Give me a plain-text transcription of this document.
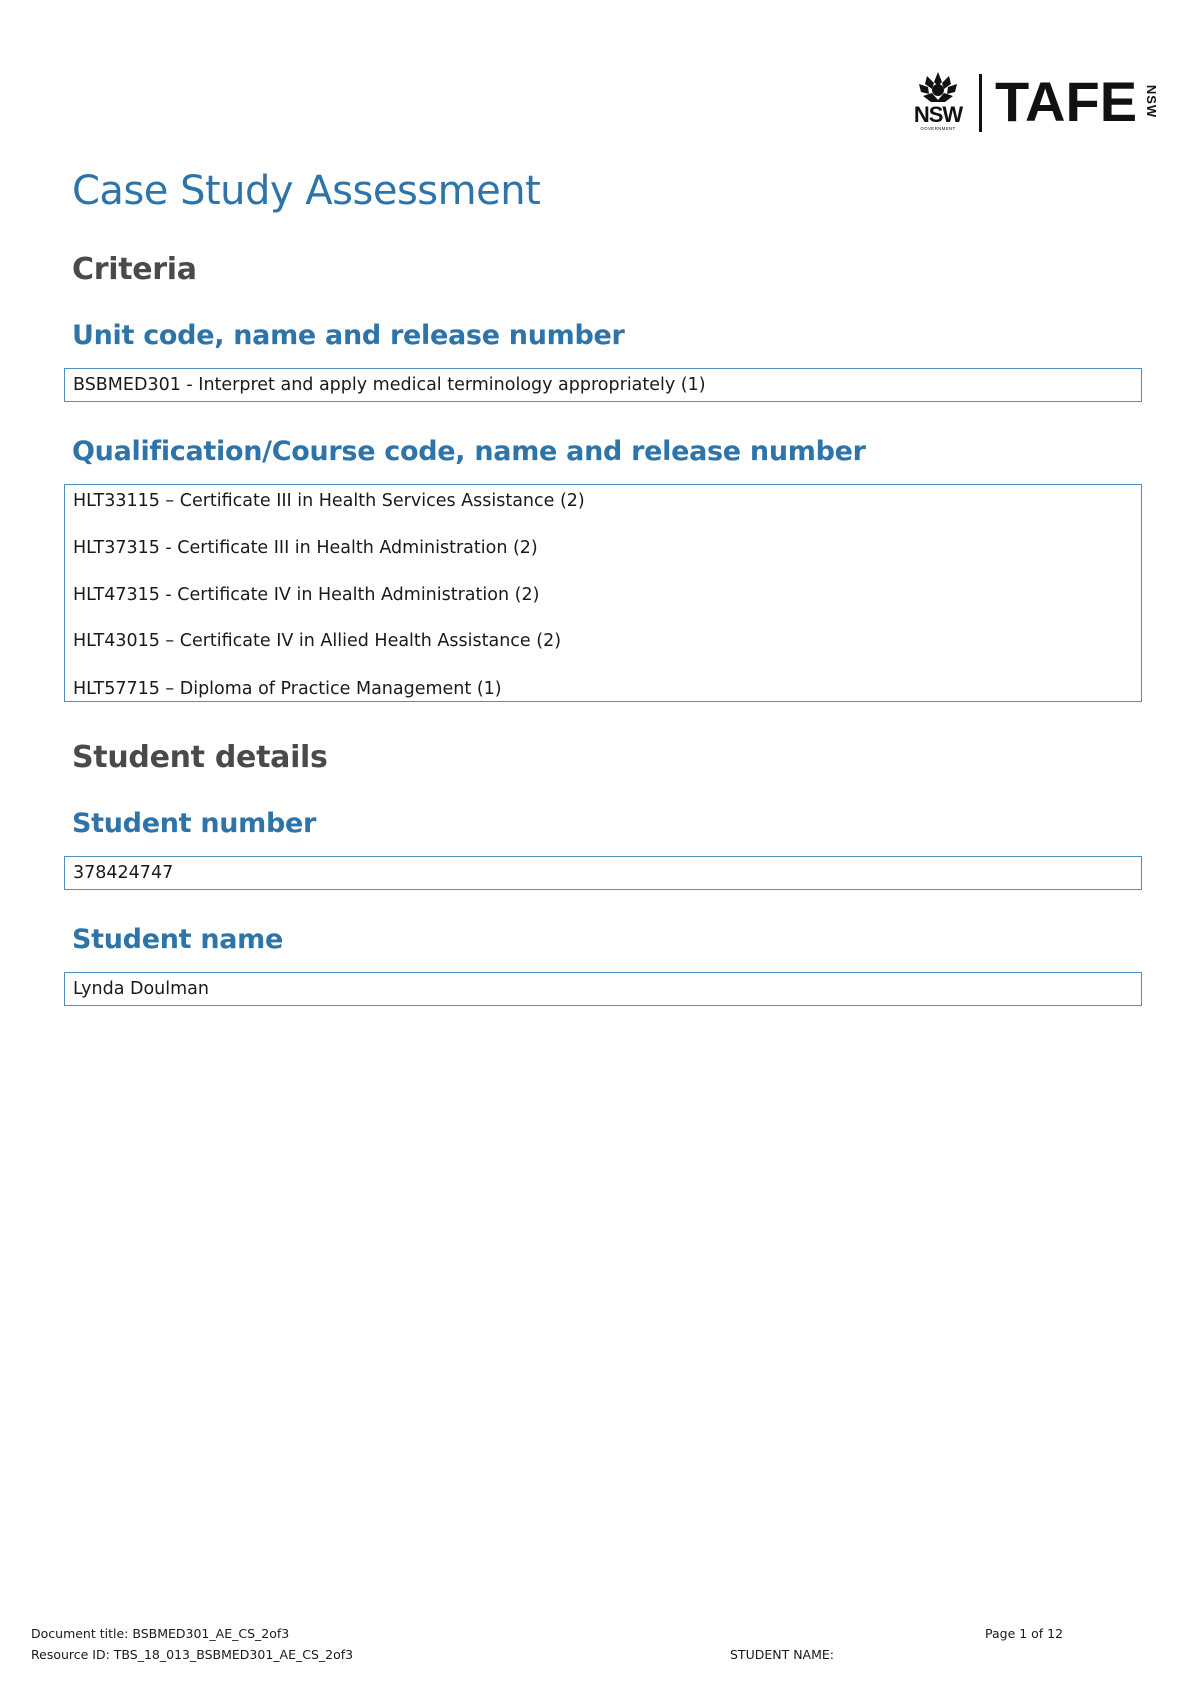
NSW
GOVERNMENT TAFE NSW
Case Study Assessment
Criteria
Unit code, name and release number
BSBMED301 - Interpret and apply medical terminology appropriately (1)
Qualification/Course code, name and release number
HLT33115 – Certificate III in Health Services Assistance (2)
HLT37315 - Certificate III in Health Administration (2)
HLT47315 - Certificate IV in Health Administration (2)
HLT43015 – Certificate IV in Allied Health Assistance (2)
HLT57715 – Diploma of Practice Management (1)
Student details
Student number
378424747
Student name
Lynda Doulman
Document title: BSBMED301_AE_CS_2of3
Resource ID: TBS_18_013_BSBMED301_AE_CS_2of3
Page 1 of 12
STUDENT NAME:
